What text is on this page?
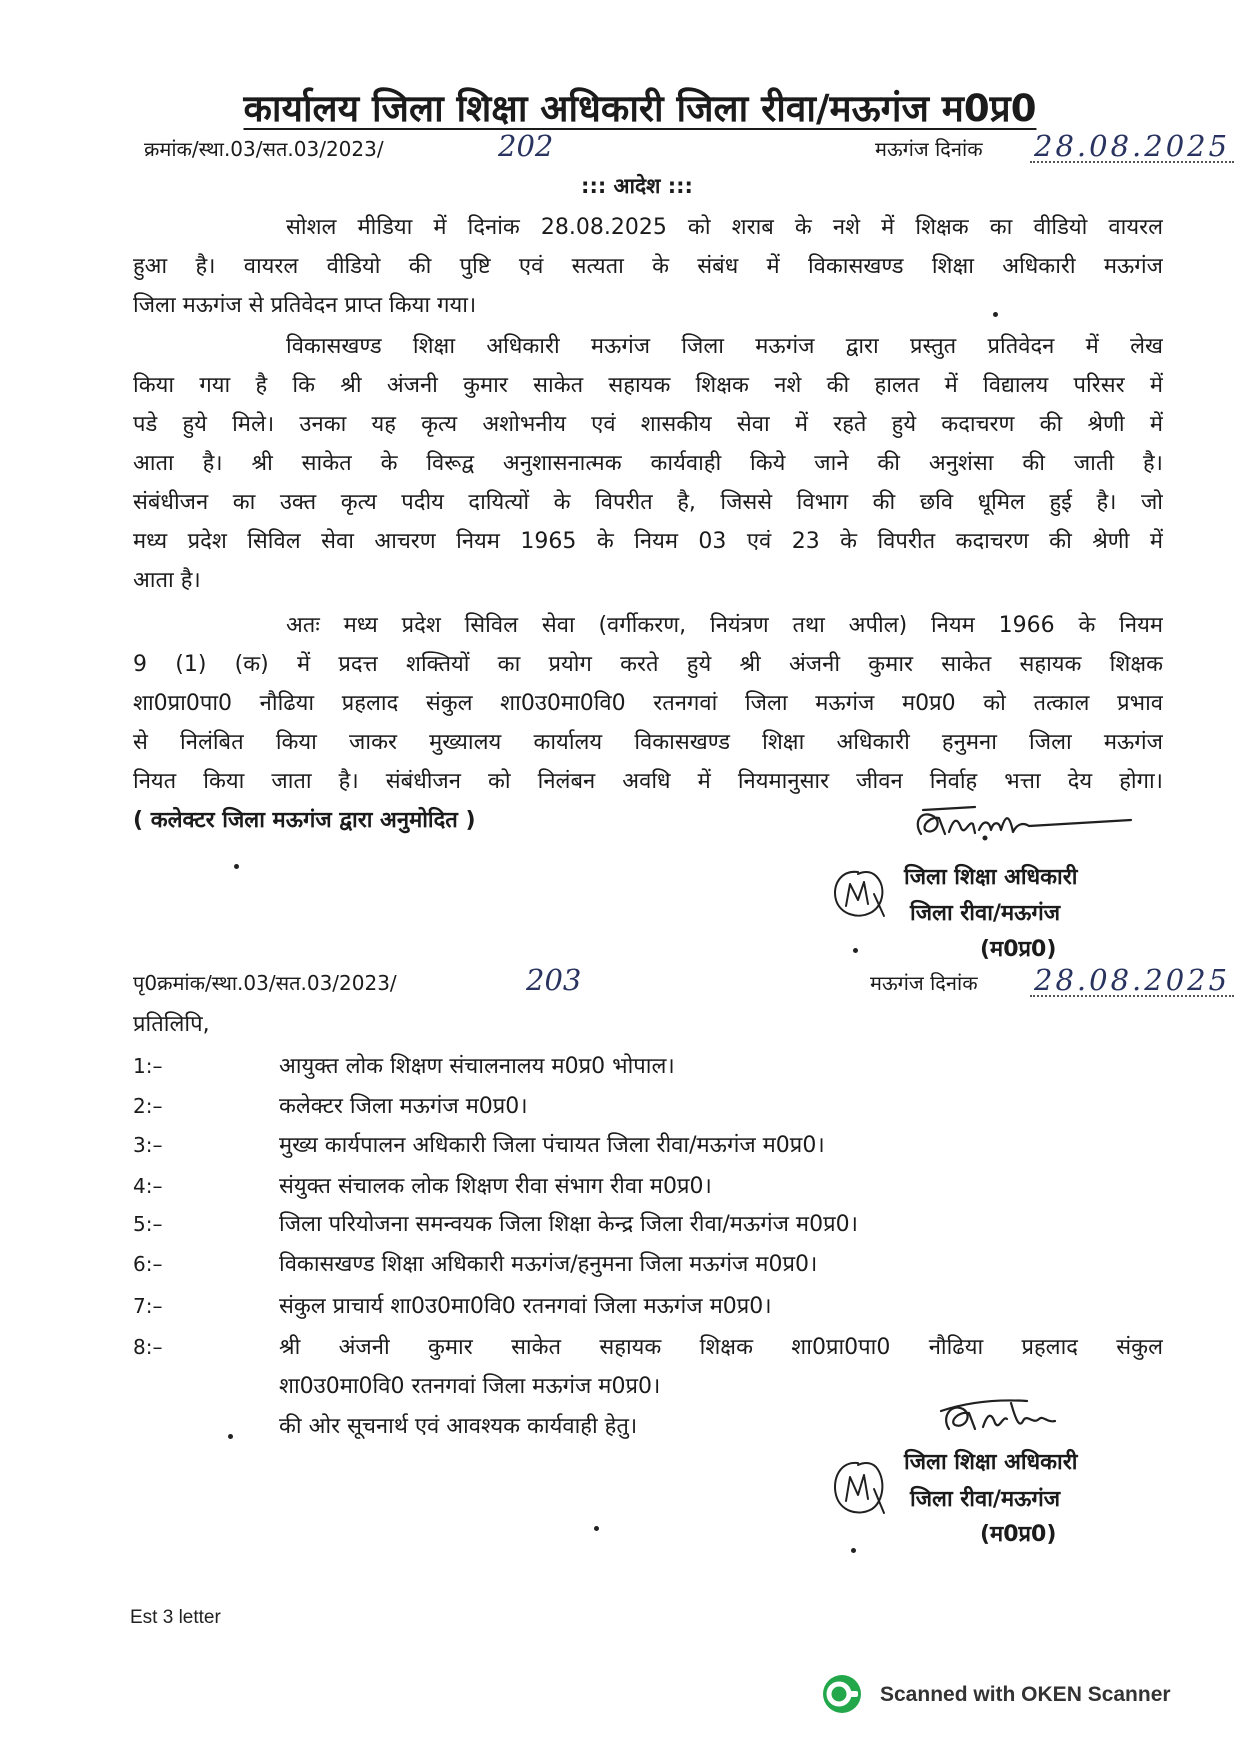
कार्यालय जिला शिक्षा अधिकारी जिला रीवा/मऊगंज म0प्र0
क्रमांक/स्था.03/सत.03/2023/	202	मऊगंज दिनांक 28.08.2025
::: आदेश :::
सोशल मीडिया में दिनांक 28.08.2025 को शराब के नशे में शिक्षक का वीडियो वायरल
हुआ है। वायरल वीडियो की पुष्टि एवं सत्यता के संबंध में विकासखण्ड शिक्षा अधिकारी मऊगंज
जिला मऊगंज से प्रतिवेदन प्राप्त किया गया।
विकासखण्ड शिक्षा अधिकारी मऊगंज जिला मऊगंज द्वारा प्रस्तुत प्रतिवेदन में लेख
किया गया है कि श्री अंजनी कुमार साकेत सहायक शिक्षक नशे की हालत में विद्यालय परिसर में
पडे हुये मिले। उनका यह कृत्य अशोभनीय एवं शासकीय सेवा में रहते हुये कदाचरण की श्रेणी में
आता है। श्री साकेत के विरूद्व अनुशासनात्मक कार्यवाही किये जाने की अनुशंसा की जाती है।
संबंधीजन का उक्त कृत्य पदीय दायित्यों के विपरीत है, जिससे विभाग की छवि धूमिल हुई है। जो
मध्य प्रदेश सिविल सेवा आचरण नियम 1965 के नियम 03 एवं 23 के विपरीत कदाचरण की श्रेणी में
आता है।
अतः मध्य प्रदेश सिविल सेवा (वर्गीकरण, नियंत्रण तथा अपील) नियम 1966 के नियम
9 (1) (क) में प्रदत्त शक्तियों का प्रयोग करते हुये श्री अंजनी कुमार साकेत सहायक शिक्षक
शा0प्रा0पा0 नौढिया प्रहलाद संकुल शा0उ0मा0वि0 रतनगवां जिला मऊगंज म0प्र0 को तत्काल प्रभाव
से निलंबित किया जाकर मुख्यालय कार्यालय विकासखण्ड शिक्षा अधिकारी हनुमना जिला मऊगंज
नियत किया जाता है। संबंधीजन को निलंबन अवधि में नियमानुसार जीवन निर्वाह भत्ता देय होगा।
( कलेक्टर जिला मऊगंज द्वारा अनुमोदित )
जिला शिक्षा अधिकारी
जिला रीवा/मऊगंज
(म0प्र0)
पृ0क्रमांक/स्था.03/सत.03/2023/	203	मऊगंज दिनांक 28.08.2025
प्रतिलिपि,
1:–	आयुक्त लोक शिक्षण संचालनालय म0प्र0 भोपाल।
2:–	कलेक्टर जिला मऊगंज म0प्र0।
3:–	मुख्य कार्यपालन अधिकारी जिला पंचायत जिला रीवा/मऊगंज म0प्र0।
4:–	संयुक्त संचालक लोक शिक्षण रीवा संभाग रीवा म0प्र0।
5:–	जिला परियोजना समन्वयक जिला शिक्षा केन्द्र जिला रीवा/मऊगंज म0प्र0।
6:–	विकासखण्ड शिक्षा अधिकारी मऊगंज/हनुमना जिला मऊगंज म0प्र0।
7:–	संकुल प्राचार्य शा0उ0मा0वि0 रतनगवां जिला मऊगंज म0प्र0।
8:–	श्री अंजनी कुमार साकेत सहायक शिक्षक शा0प्रा0पा0 नौढिया प्रहलाद संकुल
शा0उ0मा0वि0 रतनगवां जिला मऊगंज म0प्र0।
की ओर सूचनार्थ एवं आवश्यक कार्यवाही हेतु।
जिला शिक्षा अधिकारी
जिला रीवा/मऊगंज
(म0प्र0)
Est 3 letter
Scanned with OKEN Scanner
